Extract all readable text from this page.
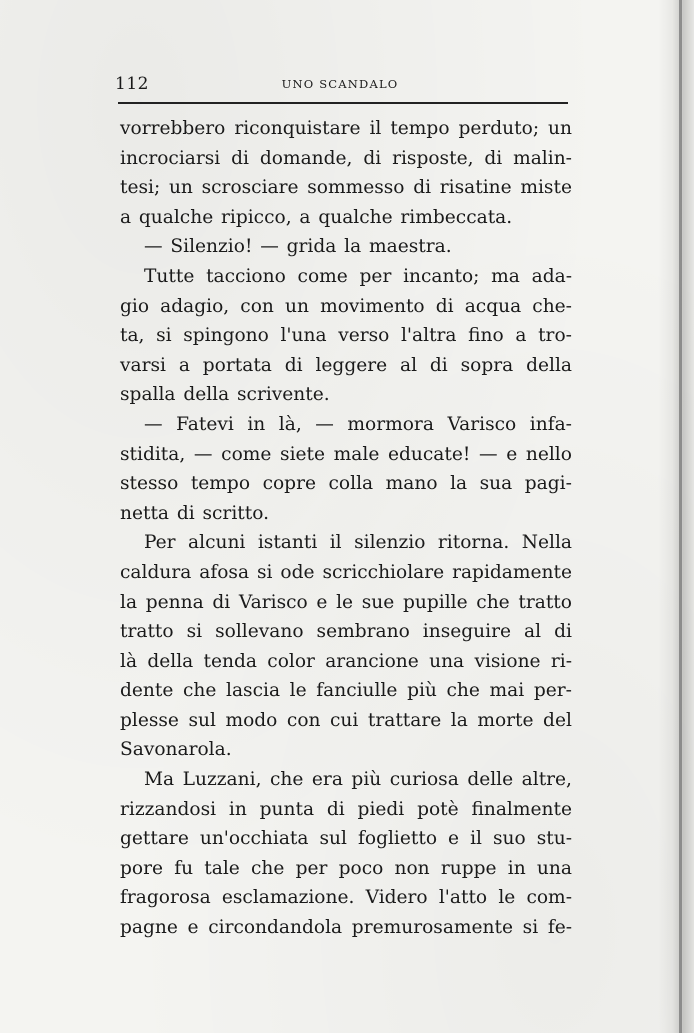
112	UNO SCANDALO
vorrebbero riconquistare il tempo perduto; un
incrociarsi di domande, di risposte, di malin-
tesi; un scrosciare sommesso di risatine miste
a qualche ripicco, a qualche rimbeccata.
— Silenzio! — grida la maestra.
Tutte tacciono come per incanto; ma ada-
gio adagio, con un movimento di acqua che-
ta, si spingono l'una verso l'altra fino a tro-
varsi a portata di leggere al di sopra della
spalla della scrivente.
— Fatevi in là, — mormora Varisco infa-
stidita, — come siete male educate! — e nello
stesso tempo copre colla mano la sua pagi-
netta di scritto.
Per alcuni istanti il silenzio ritorna. Nella
caldura afosa si ode scricchiolare rapidamente
la penna di Varisco e le sue pupille che tratto
tratto si sollevano sembrano inseguire al di
là della tenda color arancione una visione ri-
dente che lascia le fanciulle più che mai per-
plesse sul modo con cui trattare la morte del
Savonarola.
Ma Luzzani, che era più curiosa delle altre,
rizzandosi in punta di piedi potè finalmente
gettare un'occhiata sul foglietto e il suo stu-
pore fu tale che per poco non ruppe in una
fragorosa esclamazione. Videro l'atto le com-
pagne e circondandola premurosamente si fe-
